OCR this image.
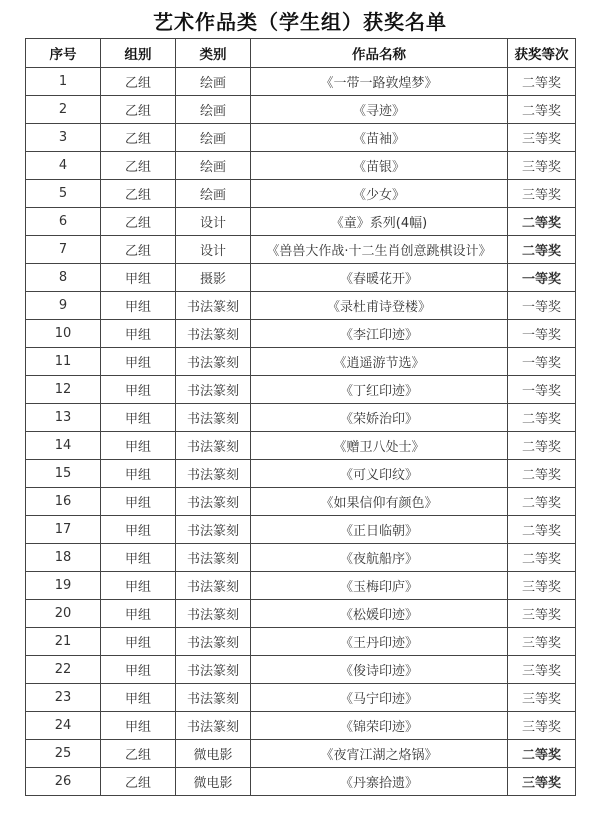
艺术作品类（学生组）获奖名单
序号	组别	类别	作品名称	获奖等次
1	乙组	绘画	《一带一路敦煌梦》	二等奖
2	乙组	绘画	《寻迹》	二等奖
3	乙组	绘画	《苗袖》	三等奖
4	乙组	绘画	《苗银》	三等奖
5	乙组	绘画	《少女》	三等奖
6	乙组	设计	《童》系列(4幅)	二等奖
7	乙组	设计	《兽兽大作战·十二生肖创意跳棋设计》	二等奖
8	甲组	摄影	《春暖花开》	一等奖
9	甲组	书法篆刻	《录杜甫诗登楼》	一等奖
10	甲组	书法篆刻	《李江印迹》	一等奖
11	甲组	书法篆刻	《逍遥游节选》	一等奖
12	甲组	书法篆刻	《丁红印迹》	一等奖
13	甲组	书法篆刻	《荣娇治印》	二等奖
14	甲组	书法篆刻	《赠卫八处士》	二等奖
15	甲组	书法篆刻	《可义印纹》	二等奖
16	甲组	书法篆刻	《如果信仰有颜色》	二等奖
17	甲组	书法篆刻	《正日临朝》	二等奖
18	甲组	书法篆刻	《夜航船序》	二等奖
19	甲组	书法篆刻	《玉梅印庐》	三等奖
20	甲组	书法篆刻	《松媛印迹》	三等奖
21	甲组	书法篆刻	《王丹印迹》	三等奖
22	甲组	书法篆刻	《俊诗印迹》	三等奖
23	甲组	书法篆刻	《马宁印迹》	三等奖
24	甲组	书法篆刻	《锦荣印迹》	三等奖
25	乙组	微电影	《夜宵江湖之烙锅》	二等奖
26	乙组	微电影	《丹寨拾遗》	三等奖
